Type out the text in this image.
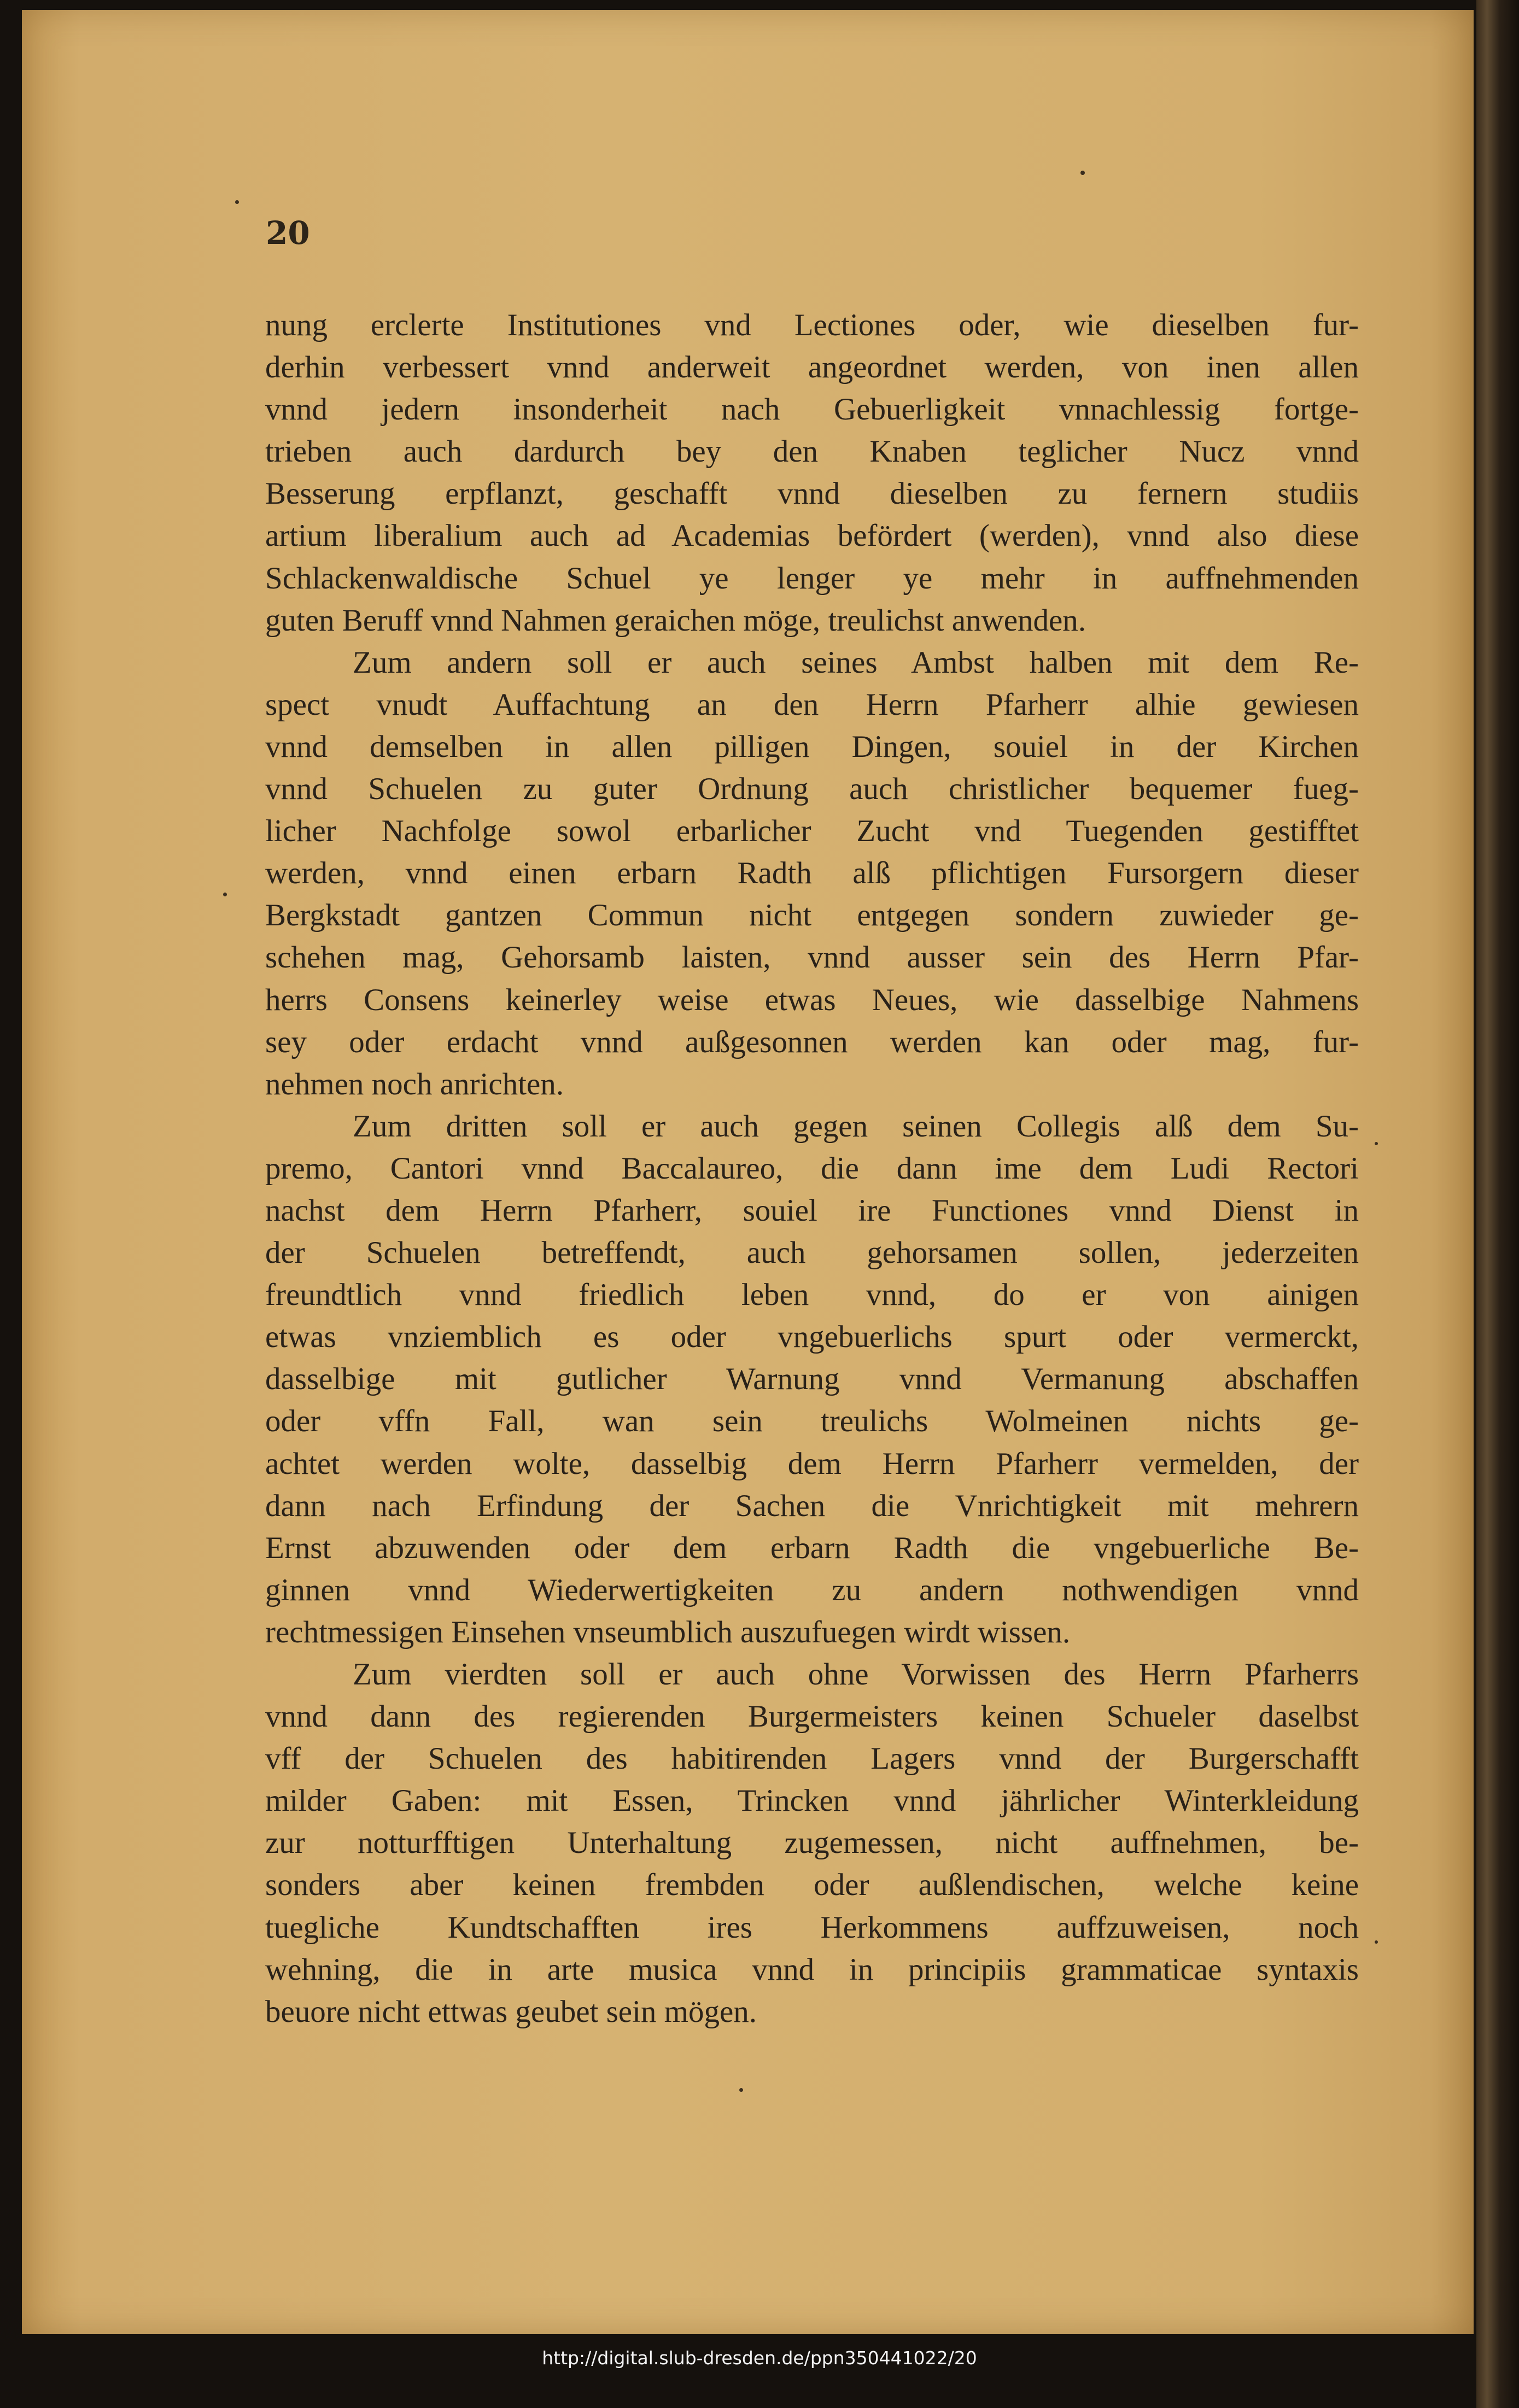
20
nung erclerte Institutiones vnd Lectiones oder, wie dieselben fur-
derhin verbessert vnnd anderweit angeordnet werden, von inen allen
vnnd jedern insonderheit nach Gebuerligkeit vnnachlessig fortge-
trieben auch dardurch bey den Knaben teglicher Nucz vnnd
Besserung erpflanzt, geschafft vnnd dieselben zu fernern studiis
artium liberalium auch ad Academias befördert (werden), vnnd also diese
Schlackenwaldische Schuel ye lenger ye mehr in auffnehmenden
guten Beruff vnnd Nahmen geraichen möge, treulichst anwenden.
Zum andern soll er auch seines Ambst halben mit dem Re-
spect vnudt Auffachtung an den Herrn Pfarherr alhie gewiesen
vnnd demselben in allen pilligen Dingen, souiel in der Kirchen
vnnd Schuelen zu guter Ordnung auch christlicher bequemer fueg-
licher Nachfolge sowol erbarlicher Zucht vnd Tuegenden gestifftet
werden, vnnd einen erbarn Radth alß pflichtigen Fursorgern dieser
Bergkstadt gantzen Commun nicht entgegen sondern zuwieder ge-
schehen mag, Gehorsamb laisten, vnnd ausser sein des Herrn Pfar-
herrs Consens keinerley weise etwas Neues, wie dasselbige Nahmens
sey oder erdacht vnnd außgesonnen werden kan oder mag, fur-
nehmen noch anrichten.
Zum dritten soll er auch gegen seinen Collegis alß dem Su-
premo, Cantori vnnd Baccalaureo, die dann ime dem Ludi Rectori
nachst dem Herrn Pfarherr, souiel ire Functiones vnnd Dienst in
der Schuelen betreffendt, auch gehorsamen sollen, jederzeiten
freundtlich vnnd friedlich leben vnnd, do er von ainigen
etwas vnziemblich es oder vngebuerlichs spurt oder vermerckt,
dasselbige mit gutlicher Warnung vnnd Vermanung abschaffen
oder vffn Fall, wan sein treulichs Wolmeinen nichts ge-
achtet werden wolte, dasselbig dem Herrn Pfarherr vermelden, der
dann nach Erfindung der Sachen die Vnrichtigkeit mit mehrern
Ernst abzuwenden oder dem erbarn Radth die vngebuerliche Be-
ginnen vnnd Wiederwertigkeiten zu andern nothwendigen vnnd
rechtmessigen Einsehen vnseumblich auszufuegen wirdt wissen.
Zum vierdten soll er auch ohne Vorwissen des Herrn Pfarherrs
vnnd dann des regierenden Burgermeisters keinen Schueler daselbst
vff der Schuelen des habitirenden Lagers vnnd der Burgerschafft
milder Gaben: mit Essen, Trincken vnnd jährlicher Winterkleidung
zur notturfftigen Unterhaltung zugemessen, nicht auffnehmen, be-
sonders aber keinen frembden oder außlendischen, welche keine
tuegliche Kundtschafften ires Herkommens auffzuweisen, noch
wehning, die in arte musica vnnd in principiis grammaticae syntaxis
beuore nicht ettwas geubet sein mögen.
http://digital.slub-dresden.de/ppn350441022/20
